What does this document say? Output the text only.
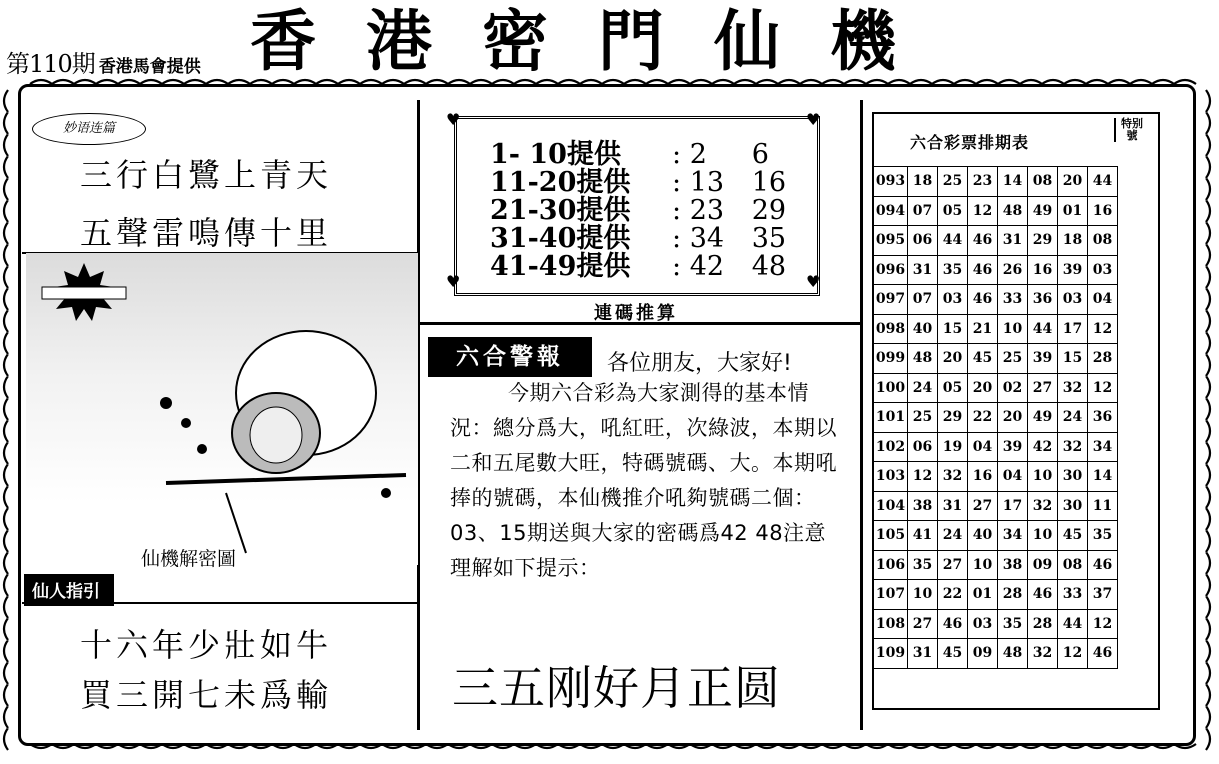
第110期 香港馬會提供 香港密門仙機
妙语连篇
三行白鷺上青天
五聲雷鳴傳十里
仙機解密圖
仙人指引
十六年少壯如牛
買三開七未爲輸
♥	♥
♥	♥
1- 10提供 : 2 6
11-20提供 : 13 16
21-30提供 : 23 29
31-40提供 : 34 35
41-49提供 : 42 48
連碼推算
六合警報	各位朋友，大家好!
今期六合彩為大家測得的基本情況：總分爲大，吼紅旺，次綠波，本期以二和五尾數大旺，特碼號碼、大。本期吼捧的號碼，本仙機推介吼夠號碼二個：03、15期送與大家的密碼爲42 48注意理解如下提示：
三五刚好月正圆
六合彩票排期表
特别號
093	18	25	23	14	08	20	44
094	07	05	12	48	49	01	16
095	06	44	46	31	29	18	08
096	31	35	46	26	16	39	03
097	07	03	46	33	36	03	04
098	40	15	21	10	44	17	12
099	48	20	45	25	39	15	28
100	24	05	20	02	27	32	12
101	25	29	22	20	49	24	36
102	06	19	04	39	42	32	34
103	12	32	16	04	10	30	14
104	38	31	27	17	32	30	11
105	41	24	40	34	10	45	35
106	35	27	10	38	09	08	46
107	10	22	01	28	46	33	37
108	27	46	03	35	28	44	12
109	31	45	09	48	32	12	46
